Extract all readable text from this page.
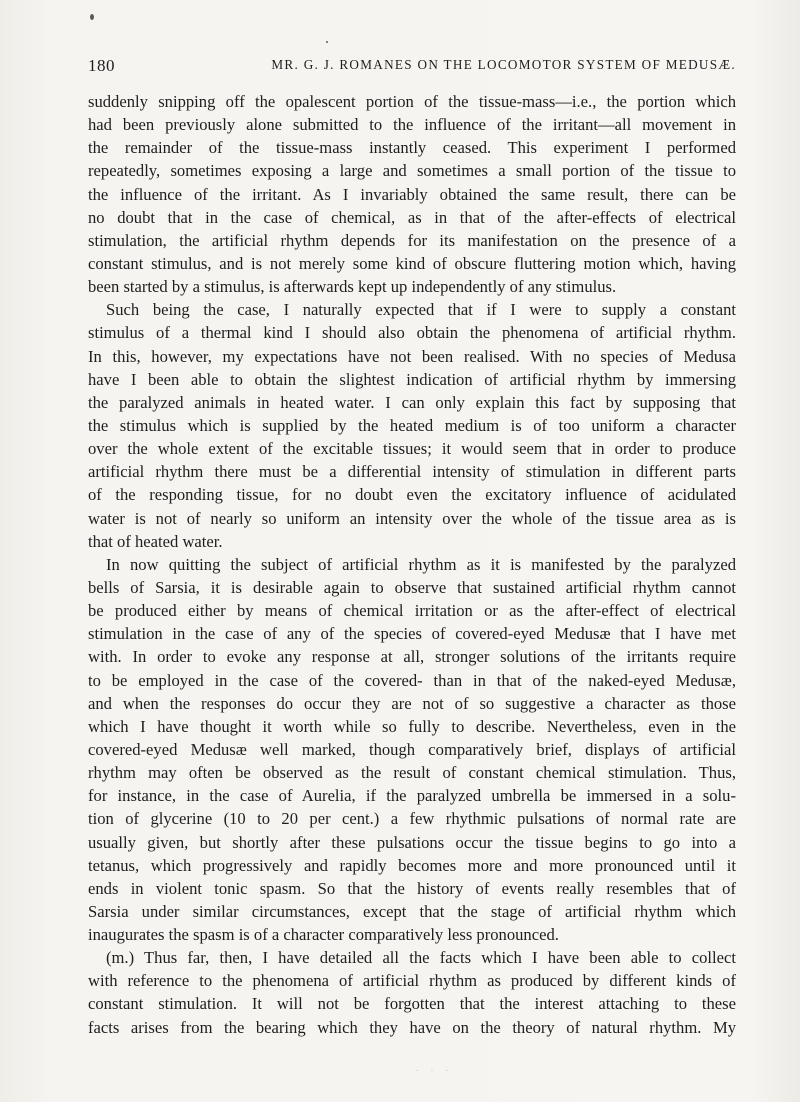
180	MR. G. J. ROMANES ON THE LOCOMOTOR SYSTEM OF MEDUSÆ.
suddenly snipping off the opalescent portion of the tissue-mass—i.e., the portion which
had been previously alone submitted to the influence of the irritant—all movement in
the remainder of the tissue-mass instantly ceased. This experiment I performed
repeatedly, sometimes exposing a large and sometimes a small portion of the tissue to
the influence of the irritant. As I invariably obtained the same result, there can be
no doubt that in the case of chemical, as in that of the after-effects of electrical
stimulation, the artificial rhythm depends for its manifestation on the presence of a
constant stimulus, and is not merely some kind of obscure fluttering motion which, having
been started by a stimulus, is afterwards kept up independently of any stimulus.
Such being the case, I naturally expected that if I were to supply a constant
stimulus of a thermal kind I should also obtain the phenomena of artificial rhythm.
In this, however, my expectations have not been realised. With no species of Medusa
have I been able to obtain the slightest indication of artificial rhythm by immersing
the paralyzed animals in heated water. I can only explain this fact by supposing that
the stimulus which is supplied by the heated medium is of too uniform a character
over the whole extent of the excitable tissues; it would seem that in order to produce
artificial rhythm there must be a differential intensity of stimulation in different parts
of the responding tissue, for no doubt even the excitatory influence of acidulated
water is not of nearly so uniform an intensity over the whole of the tissue area as is
that of heated water.
In now quitting the subject of artificial rhythm as it is manifested by the paralyzed
bells of Sarsia, it is desirable again to observe that sustained artificial rhythm cannot
be produced either by means of chemical irritation or as the after-effect of electrical
stimulation in the case of any of the species of covered-eyed Medusæ that I have met
with. In order to evoke any response at all, stronger solutions of the irritants require
to be employed in the case of the covered- than in that of the naked-eyed Medusæ,
and when the responses do occur they are not of so suggestive a character as those
which I have thought it worth while so fully to describe. Nevertheless, even in the
covered-eyed Medusæ well marked, though comparatively brief, displays of artificial
rhythm may often be observed as the result of constant chemical stimulation. Thus,
for instance, in the case of Aurelia, if the paralyzed umbrella be immersed in a solu-
tion of glycerine (10 to 20 per cent.) a few rhythmic pulsations of normal rate are
usually given, but shortly after these pulsations occur the tissue begins to go into a
tetanus, which progressively and rapidly becomes more and more pronounced until it
ends in violent tonic spasm. So that the history of events really resembles that of
Sarsia under similar circumstances, except that the stage of artificial rhythm which
inaugurates the spasm is of a character comparatively less pronounced.
(m.) Thus far, then, I have detailed all the facts which I have been able to collect
with reference to the phenomena of artificial rhythm as produced by different kinds of
constant stimulation. It will not be forgotten that the interest attaching to these
facts arises from the bearing which they have on the theory of natural rhythm. My
· · ·
